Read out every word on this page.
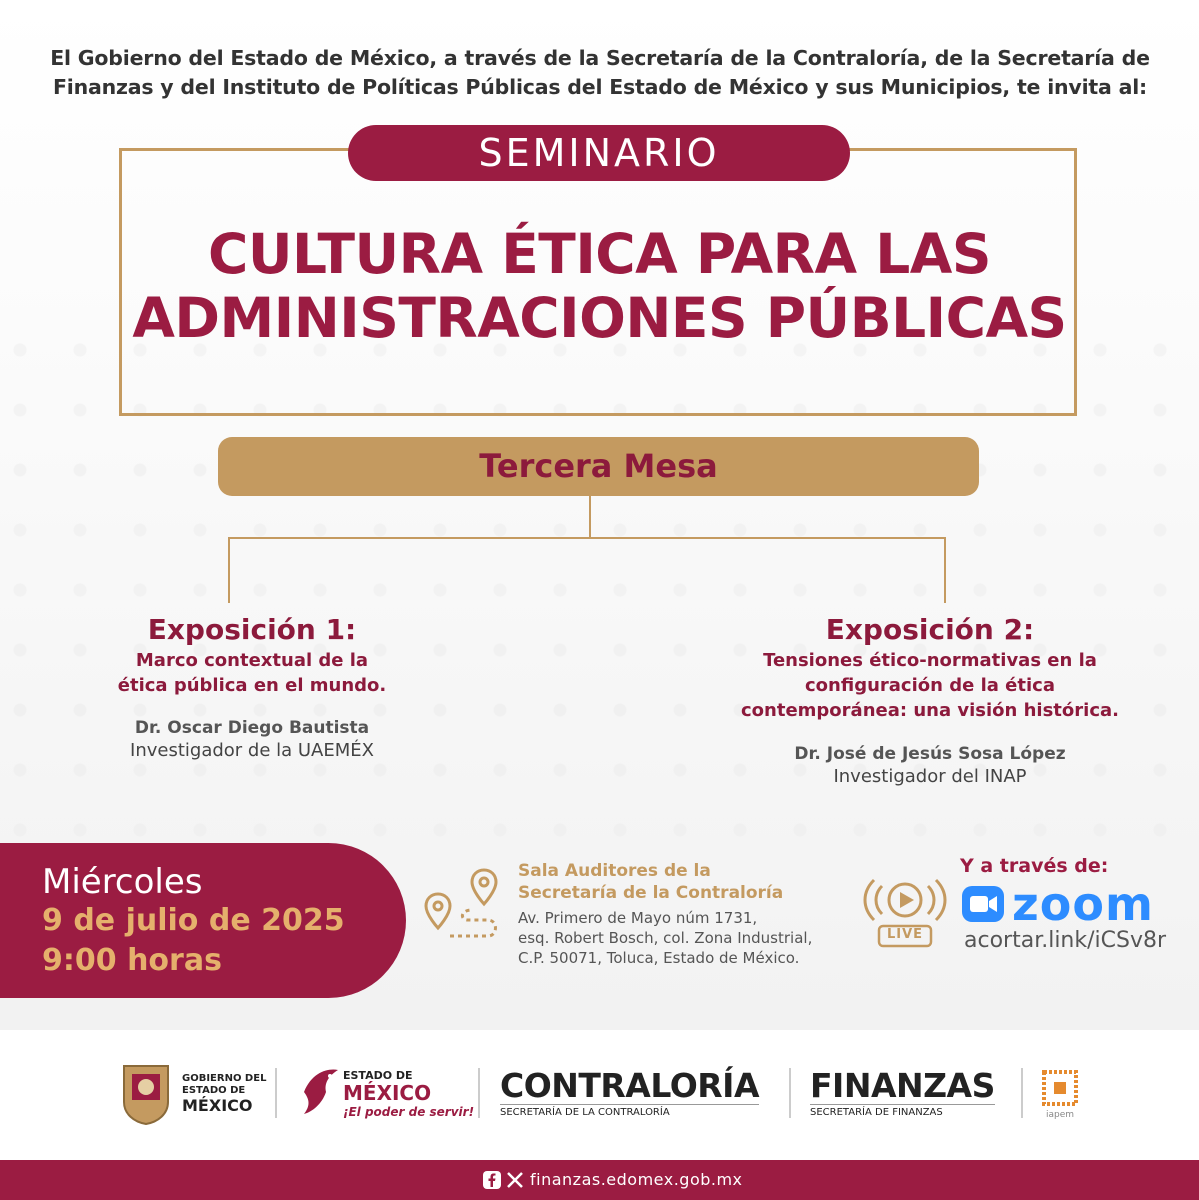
El Gobierno del Estado de México, a través de la Secretaría de la Contraloría, de la Secretaría de Finanzas y del Instituto de Políticas Públicas del Estado de México y sus Municipios, te invita al:
SEMINARIO
CULTURA ÉTICA PARA LAS
ADMINISTRACIONES PÚBLICAS
Tercera Mesa
Exposición 1:
Marco contextual de la
ética pública en el mundo.
Dr. Oscar Diego Bautista
Investigador de la UAEMÉX
Exposición 2:
Tensiones ético-normativas en la
configuración de la ética
contemporánea: una visión histórica.
Dr. José de Jesús Sosa López
Investigador del INAP
Miércoles
9 de julio de 2025
9:00 horas
Sala Auditores de la
Secretaría de la Contraloría
Av. Primero de Mayo núm 1731,
esq. Robert Bosch, col. Zona Industrial,
C.P. 50071, Toluca, Estado de México.
LIVE
Y a través de:
zoom
acortar.link/iCSv8r
GOBIERNO DEL
ESTADO DE
MÉXICO
ESTADO DE
MÉXICO
¡El poder de servir!
CONTRALORÍA
SECRETARÍA DE LA CONTRALORÍA
FINANZAS
SECRETARÍA DE FINANZAS	iapem
finanzas.edomex.gob.mx
